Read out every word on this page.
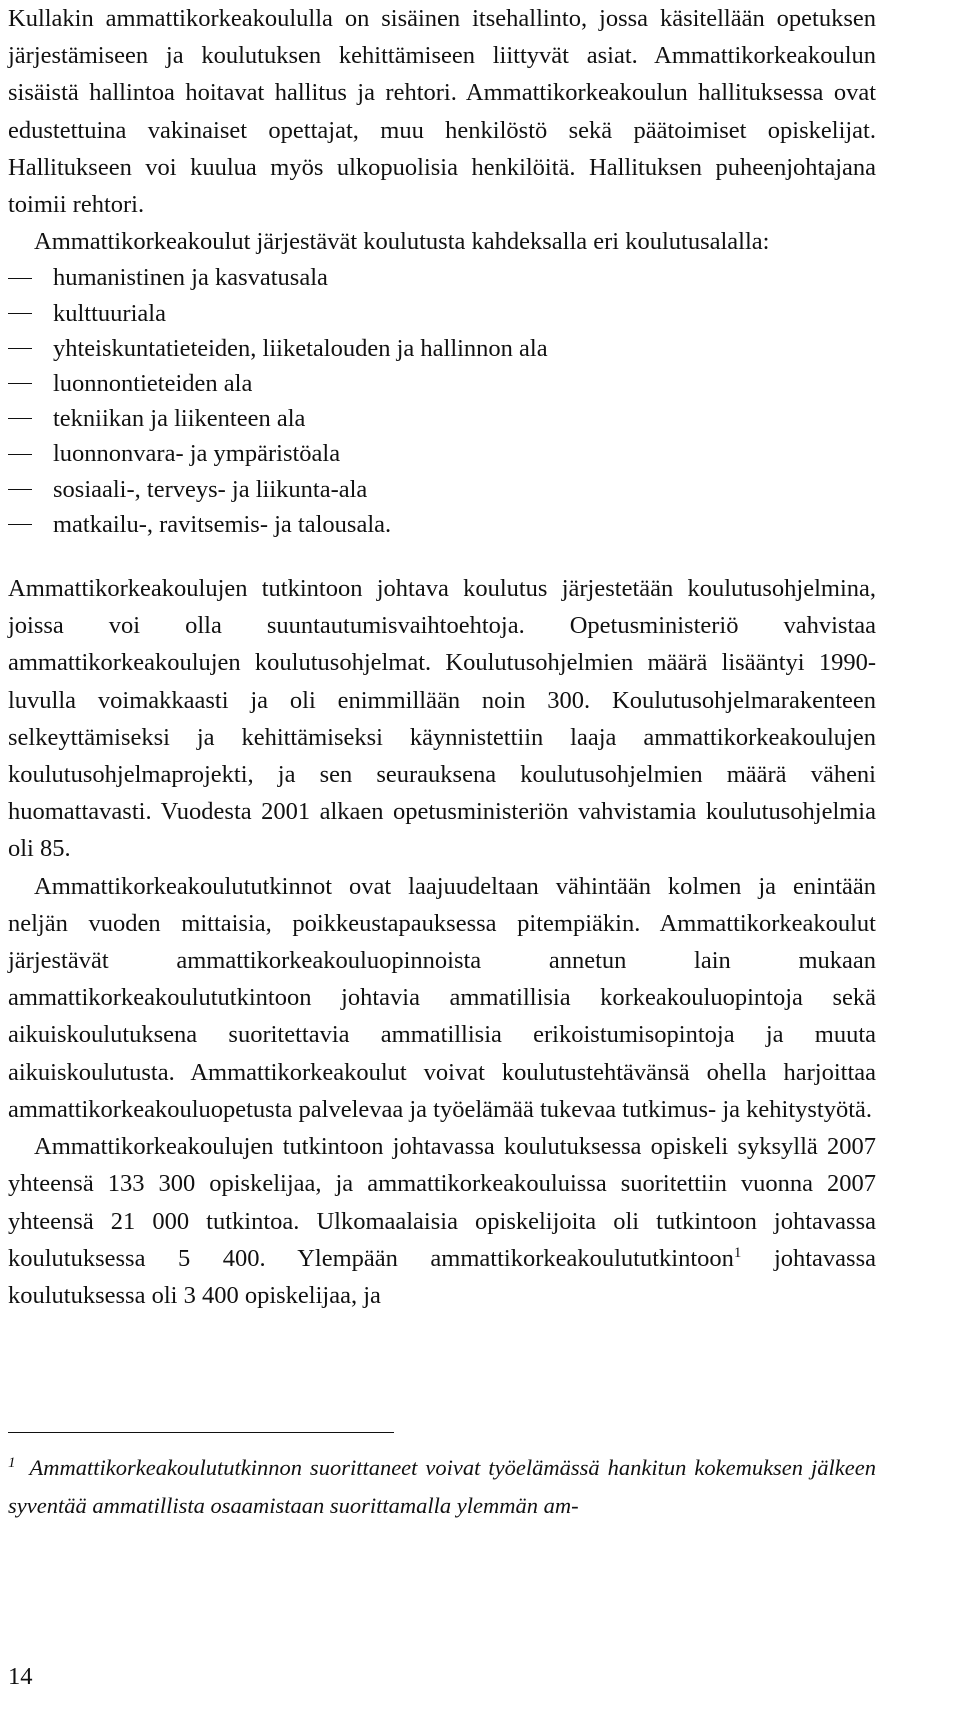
Kullakin ammattikorkeakoululla on sisäinen itsehallinto, jossa käsitellään opetuksen järjestämiseen ja koulutuksen kehittämiseen liittyvät asiat. Ammattikorkeakoulun sisäistä hallintoa hoitavat hallitus ja rehtori. Ammattikorkeakoulun hallituksessa ovat edustettuina vakinaiset opettajat, muu henkilöstö sekä päätoimiset opiskelijat. Hallitukseen voi kuulua myös ulkopuolisia henkilöitä. Hallituksen puheenjohtajana toimii rehtori.

Ammattikorkeakoulut järjestävät koulutusta kahdeksalla eri koulutusalalla:

humanistinen ja kasvatusala
kulttuuriala
yhteiskuntatieteiden, liiketalouden ja hallinnon ala
luonnontieteiden ala
tekniikan ja liikenteen ala
luonnonvara- ja ympäristöala
sosiaali-, terveys- ja liikunta-ala
matkailu-, ravitsemis- ja talousala.

Ammattikorkeakoulujen tutkintoon johtava koulutus järjestetään koulutusohjelmina, joissa voi olla suuntautumisvaihtoehtoja. Opetusministeriö vahvistaa ammattikorkeakoulujen koulutusohjelmat. Koulutusohjelmien määrä lisääntyi 1990-luvulla voimakkaasti ja oli enimmillään noin 300. Koulutusohjelmarakenteen selkeyttämiseksi ja kehittämiseksi käynnistettiin laaja ammattikorkeakoulujen koulutusohjelmaprojekti, ja sen seurauksena koulutusohjelmien määrä väheni huomattavasti. Vuodesta 2001 alkaen opetusministeriön vahvistamia koulutusohjelmia oli 85.

Ammattikorkeakoulututkinnot ovat laajuudeltaan vähintään kolmen ja enintään neljän vuoden mittaisia, poikkeustapauksessa pitempiäkin. Ammattikorkeakoulut järjestävät ammattikorkeakouluopinnoista annetun lain mukaan ammattikorkeakoulututkintoon johtavia ammatillisia korkeakouluopintoja sekä aikuiskoulutuksena suoritettavia ammatillisia erikoistumisopintoja ja muuta aikuiskoulutusta. Ammattikorkeakoulut voivat koulutustehtävänsä ohella harjoittaa ammattikorkeakouluopetusta palvelevaa ja työelämää tukevaa tutkimus- ja kehitystyötä.

Ammattikorkeakoulujen tutkintoon johtavassa koulutuksessa opiskeli syksyllä 2007 yhteensä 133 300 opiskelijaa, ja ammattikorkeakouluissa suoritettiin vuonna 2007 yhteensä 21 000 tutkintoa. Ulkomaalaisia opiskelijoita oli tutkintoon johtavassa koulutuksessa 5 400. Ylempään ammattikorkeakoulututkintoon$^1$ johtavassa koulutuksessa oli 3 400 opiskelijaa, ja

$^1$ Ammattikorkeakoulututkinnon suorittaneet voivat työelämässä hankitun kokemuksen jälkeen syventää ammatillista osaamistaan suorittamalla ylemmän am-

14
